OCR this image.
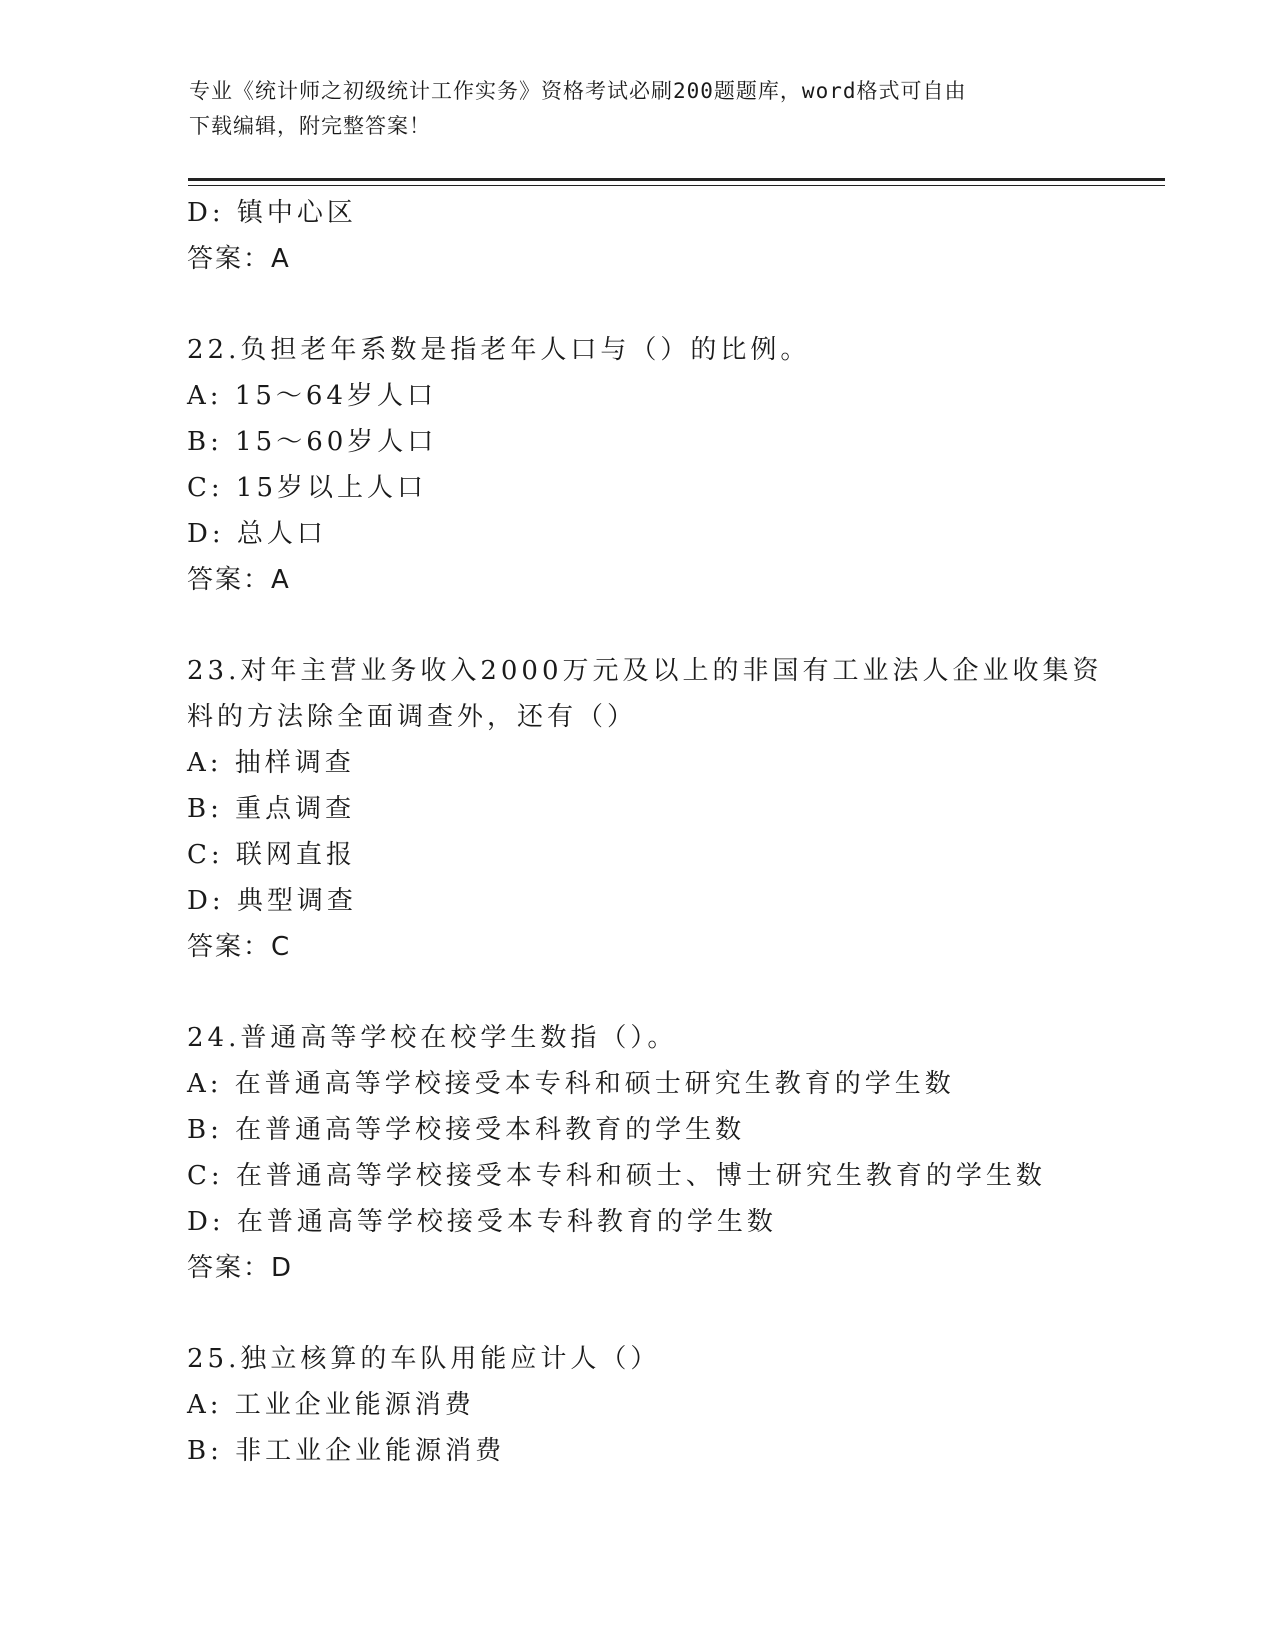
专业《统计师之初级统计工作实务》资格考试必刷200题题库，word格式可自由
下载编辑，附完整答案！
D: 镇中心区
答案：A
22.负担老年系数是指老年人口与（）的比例。
A: 15～64岁人口
B: 15～60岁人口
C: 15岁以上人口
D: 总人口
答案：A
23.对年主营业务收入2000万元及以上的非国有工业法人企业收集资
料的方法除全面调查外，还有（）
A: 抽样调查
B: 重点调查
C: 联网直报
D: 典型调查
答案：C
24.普通高等学校在校学生数指（）。
A: 在普通高等学校接受本专科和硕士研究生教育的学生数
B: 在普通高等学校接受本科教育的学生数
C: 在普通高等学校接受本专科和硕士、博士研究生教育的学生数
D: 在普通高等学校接受本专科教育的学生数
答案：D
25.独立核算的车队用能应计人（）
A: 工业企业能源消费
B: 非工业企业能源消费
